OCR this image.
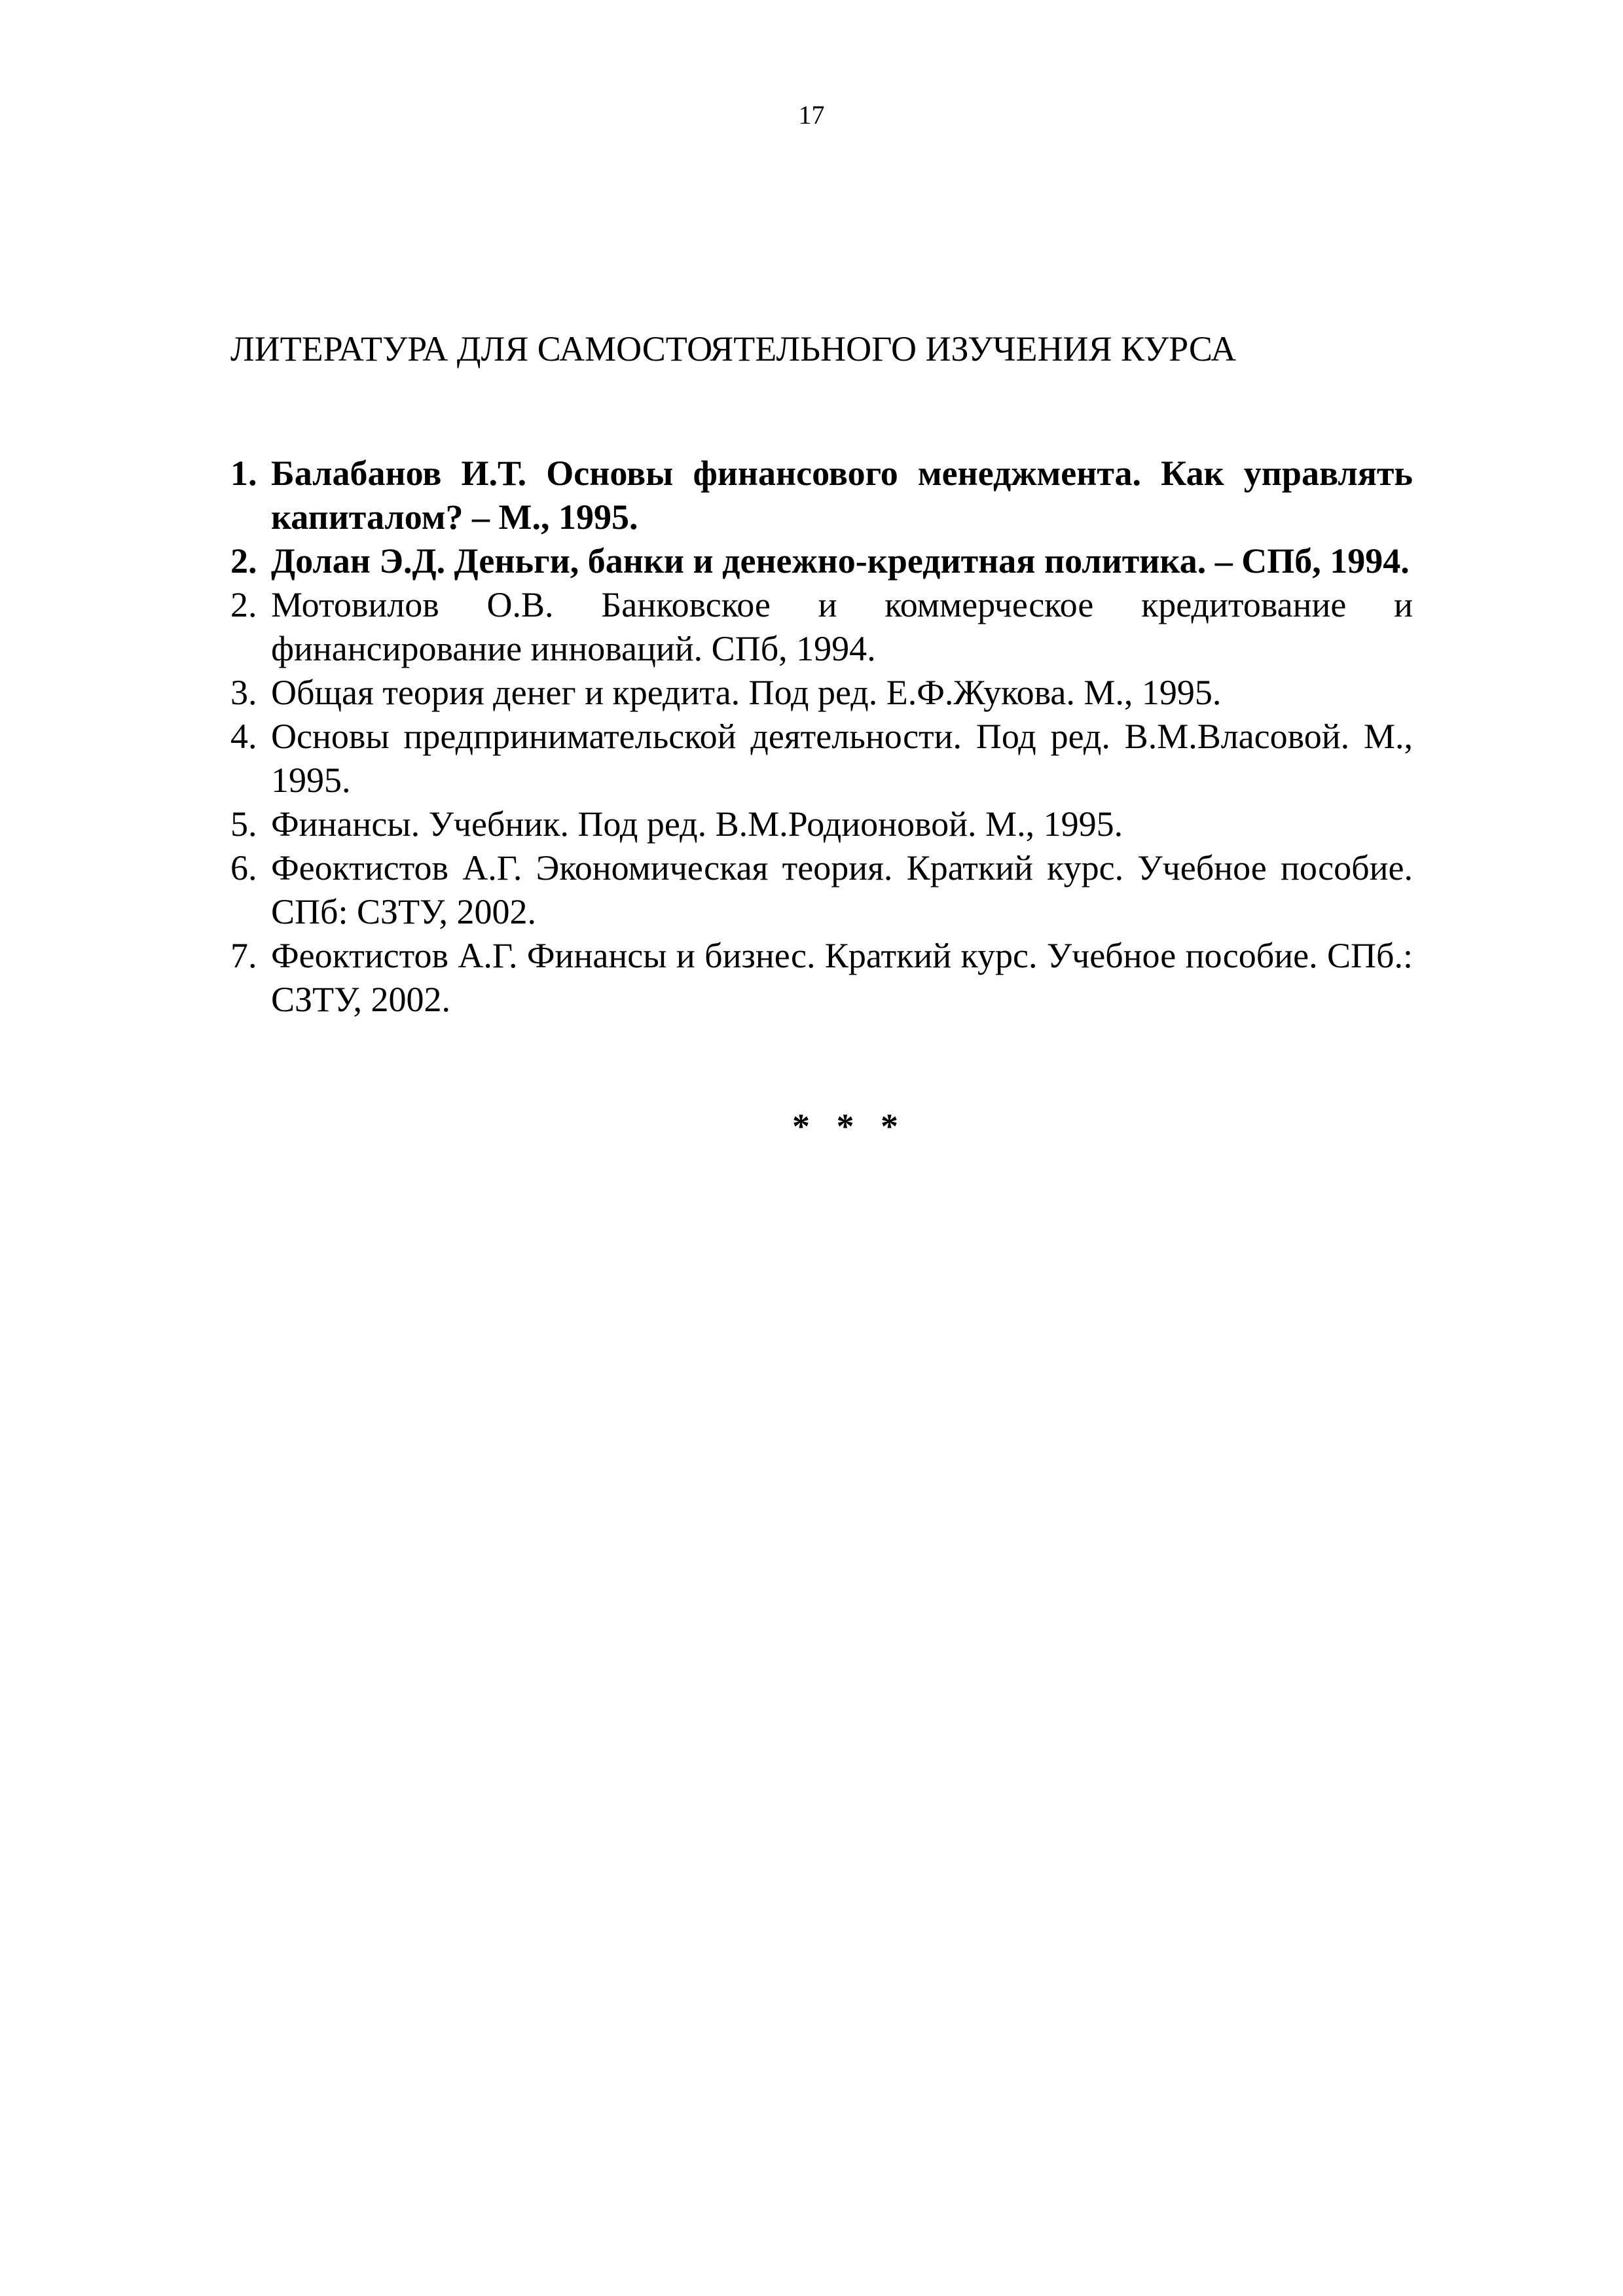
17
ЛИТЕРАТУРА ДЛЯ САМОСТОЯТЕЛЬНОГО ИЗУЧЕНИЯ КУРСА
1. Балабанов И.Т. Основы финансового менеджмента. Как управлять капиталом? – М., 1995.
2. Долан Э.Д. Деньги, банки и денежно-кредитная политика. – СПб, 1994.
2. Мотовилов О.В. Банковское и коммерческое кредитование и финансирование инноваций. СПб, 1994.
3. Общая теория денег и кредита. Под ред. Е.Ф.Жукова. М., 1995.
4. Основы предпринимательской деятельности. Под ред. В.М.Власовой. М., 1995.
5. Финансы. Учебник. Под ред. В.М.Родионовой. М., 1995.
6. Феоктистов А.Г. Экономическая теория. Краткий курс. Учебное пособие. СПб: СЗТУ, 2002.
7. Феоктистов А.Г. Финансы и бизнес. Краткий курс. Учебное пособие. СПб.: СЗТУ, 2002.
*   *   *
